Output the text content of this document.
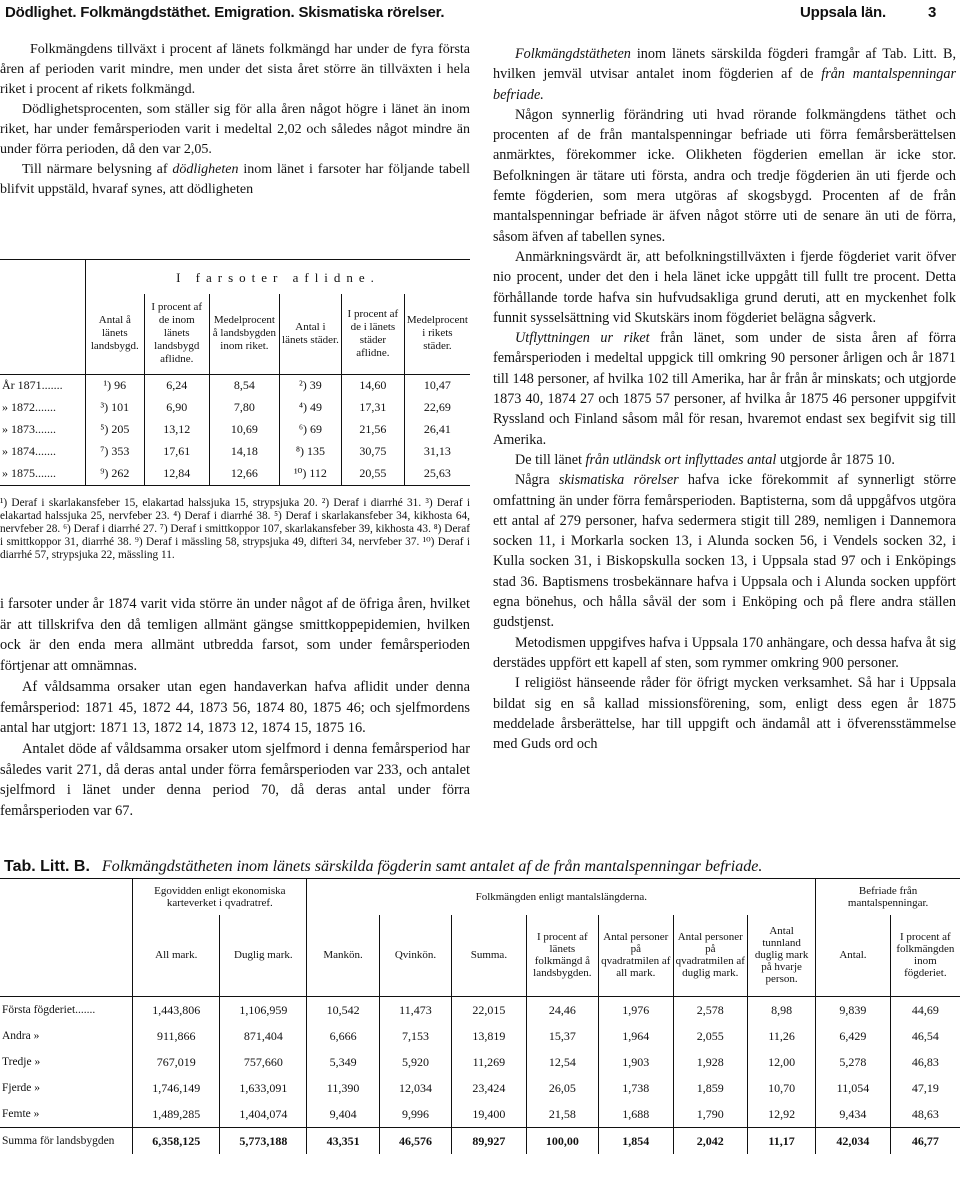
Dödlighet. Folkmängdstäthet. Emigration. Skismatiska rörelser.	Uppsala län.	3

Folkmängdens tillväxt i procent af länets folkmängd har under de fyra första åren af perioden varit mindre, men under det sista året större än tillväxten i hela riket i procent af rikets folkmängd.

Dödlighetsprocenten, som ställer sig för alla åren något högre i länet än inom riket, har under femårsperioden varit i medeltal 2,02 och således något mindre än under förra perioden, då den var 2,05.

Till närmare belysning af dödligheten inom länet i farsoter har följande tabell blifvit uppstäld, hvaraf synes, att dödligheten

	I farsoter aflidne.					
	Antal å länets landsbygd.	I procent af de inom länets landsbygd aflidne.	Medelprocent å landsbygden inom riket.	Antal i länets städer.	I procent af de i länets städer aflidne.	Medelprocent i rikets städer.
År 1871.......	¹) 96	6,24	8,54	²) 39	14,60	10,47
» 1872.......	³) 101	6,90	7,80	⁴) 49	17,31	22,69
» 1873.......	⁵) 205	13,12	10,69	⁶) 69	21,56	26,41
» 1874.......	⁷) 353	17,61	14,18	⁸) 135	30,75	31,13
» 1875.......	⁹) 262	12,84	12,66	¹⁰) 112	20,55	25,63
¹) Deraf i skarlakansfeber 15, elakartad halssjuka 15, strypsjuka 20. ²) Deraf i diarrhé 31. ³) Deraf i elakartad halssjuka 25, nervfeber 23. ⁴) Deraf i diarrhé 38. ⁵) Deraf i skarlakansfeber 34, kikhosta 64, nervfeber 28. ⁶) Deraf i diarrhé 27. ⁷) Deraf i smittkoppor 107, skarlakansfeber 39, kikhosta 43. ⁸) Deraf i smittkoppor 31, diarrhé 38. ⁹) Deraf i mässling 58, strypsjuka 49, difteri 34, nervfeber 37. ¹⁰) Deraf i diarrhé 57, strypsjuka 22, mässling 11.

i farsoter under år 1874 varit vida större än under något af de öfriga åren, hvilket är att tillskrifva den då temligen allmänt gängse smittkoppepidemien, hvilken ock är den enda mera allmänt utbredda farsot, som under femårsperioden förtjenar att omnämnas.

Af våldsamma orsaker utan egen handaverkan hafva aflidit under denna femårsperiod: 1871 45, 1872 44, 1873 56, 1874 80, 1875 46; och sjelfmordens antal har utgjort: 1871 13, 1872 14, 1873 12, 1874 15, 1875 16.

Antalet döde af våldsamma orsaker utom sjelfmord i denna femårsperiod har således varit 271, då deras antal under förra femårsperioden var 233, och antalet sjelfmord i länet under denna period 70, då deras antal under förra femårsperioden var 67.

Folkmängdstätheten inom länets särskilda fögderi framgår af Tab. Litt. B, hvilken jemväl utvisar antalet inom fögderien af de från mantalspenningar befriade.

Någon synnerlig förändring uti hvad rörande folkmängdens täthet och procenten af de från mantalspenningar befriade uti förra femårsberättelsen anmärktes, förekommer icke. Olikheten fögderien emellan är icke stor. Befolkningen är tätare uti första, andra och tredje fögderien än uti fjerde och femte fögderien, som mera utgöras af skogsbygd. Procenten af de från mantalspenningar befriade är äfven något större uti de senare än uti de förra, såsom äfven af tabellen synes.

Anmärkningsvärdt är, att befolkningstillväxten i fjerde fögderiet varit öfver nio procent, under det den i hela länet icke uppgått till fullt tre procent. Detta förhållande torde hafva sin hufvudsakliga grund deruti, att en myckenhet folk funnit sysselsättning vid Skutskärs inom fögderiet belägna sågverk.

Utflyttningen ur riket från länet, som under de sista åren af förra femårsperioden i medeltal uppgick till omkring 90 personer årligen och år 1871 till 148 personer, af hvilka 102 till Amerika, har år från år minskats; och utgjorde 1873 40, 1874 27 och 1875 57 personer, af hvilka år 1875 46 personer uppgifvit Ryssland och Finland såsom mål för resan, hvaremot endast sex begifvit sig till Amerika.

De till länet från utländsk ort inflyttades antal utgjorde år 1875 10.

Några skismatiska rörelser hafva icke förekommit af synnerligt större omfattning än under förra femårsperioden. Baptisterna, som då uppgåfvos utgöra ett antal af 279 personer, hafva sedermera stigit till 289, nemligen i Dannemora socken 11, i Morkarla socken 13, i Alunda socken 56, i Vendels socken 32, i Kulla socken 31, i Biskopskulla socken 13, i Uppsala stad 97 och i Enköpings stad 36. Baptismens trosbekännare hafva i Uppsala och i Alunda socken uppfört egna bönehus, och hålla såväl der som i Enköping och på flere andra ställen gudstjenst.

Metodismen uppgifves hafva i Uppsala 170 anhängare, och dessa hafva åt sig derstädes uppfört ett kapell af sten, som rymmer omkring 900 personer.

I religiöst hänseende råder för öfrigt mycken verksamhet. Så har i Uppsala bildat sig en så kallad missionsförening, som, enligt dess egen år 1875 meddelade årsberättelse, har till uppgift och ändamål att i öfverensstämmelse med Guds ord och

Tab. Litt. B. Folkmängdstätheten inom länets särskilda fögderin samt antalet af de från mantalspenningar befriade.
	Egovidden enligt ekonomiska karteverket i qvadratref.		Folkmängden enligt mantalslängderna.							Befriade från mantalspenningar.	
	All mark.	Duglig mark.	Mankön.	Qvinkön.	Summa.	I procent af länets folkmängd å landsbygden.	Antal personer på qvadratmilen af all mark.	Antal personer på qvadratmilen af duglig mark.	Antal tunnland duglig mark på hvarje person.	Antal.	I procent af folkmängden inom fögderiet.
Första fögderiet.......	1,443,806	1,106,959	10,542	11,473	22,015	24,46	1,976	2,578	8,98	9,839	44,69
Andra »	911,866	871,404	6,666	7,153	13,819	15,37	1,964	2,055	11,26	6,429	46,54
Tredje »	767,019	757,660	5,349	5,920	11,269	12,54	1,903	1,928	12,00	5,278	46,83
Fjerde »	1,746,149	1,633,091	11,390	12,034	23,424	26,05	1,738	1,859	10,70	11,054	47,19
Femte »	1,489,285	1,404,074	9,404	9,996	19,400	21,58	1,688	1,790	12,92	9,434	48,63
Summa för landsbygden	6,358,125	5,773,188	43,351	46,576	89,927	100,00	1,854	2,042	11,17	42,034	46,77
